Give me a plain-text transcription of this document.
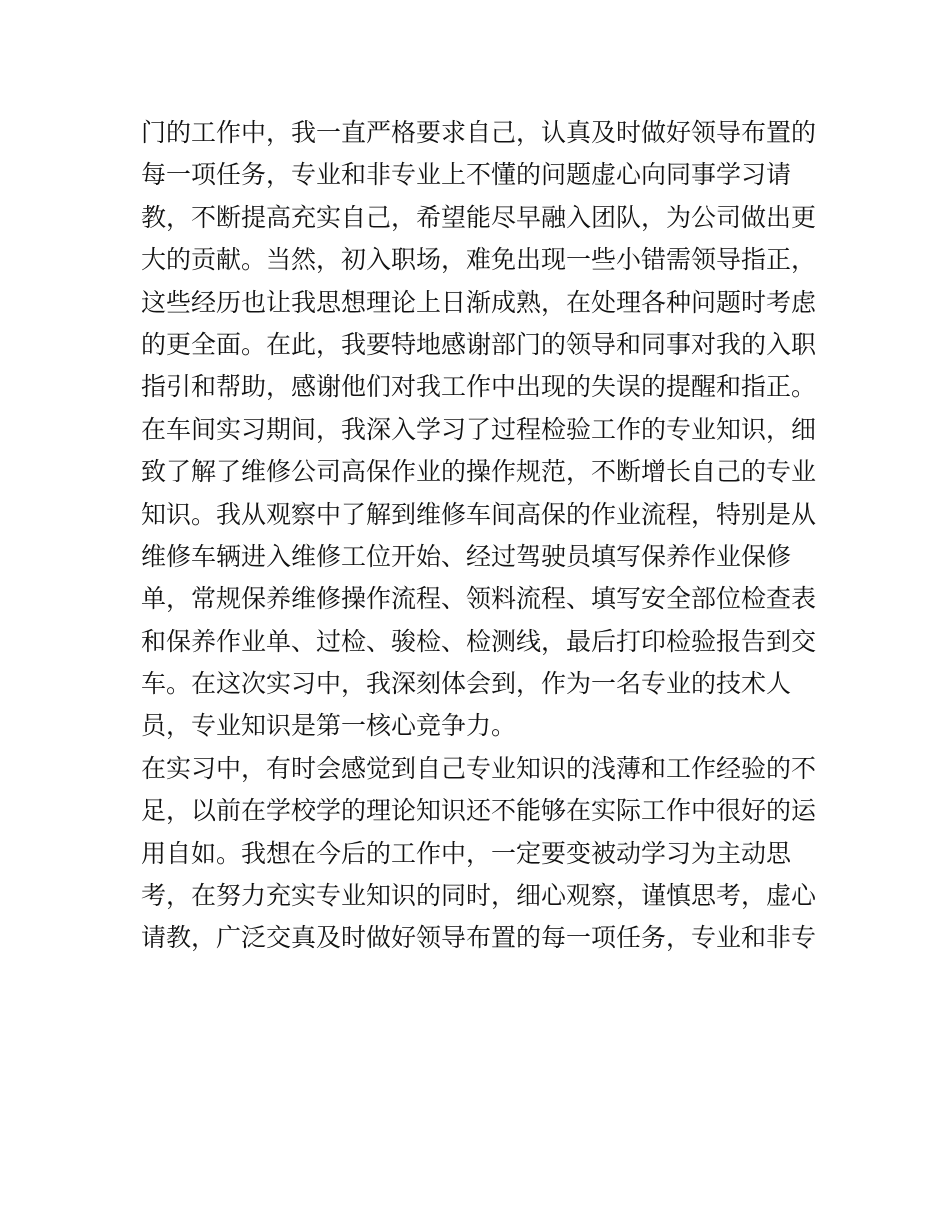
门的工作中，我一直严格要求自己，认真及时做好领导布置的
每一项任务，专业和非专业上不懂的问题虚心向同事学习请
教，不断提高充实自己，希望能尽早融入团队，为公司做出更
大的贡献。当然，初入职场，难免出现一些小错需领导指正，
这些经历也让我思想理论上日渐成熟，在处理各种问题时考虑
的更全面。在此，我要特地感谢部门的领导和同事对我的入职
指引和帮助，感谢他们对我工作中出现的失误的提醒和指正。
在车间实习期间，我深入学习了过程检验工作的专业知识，细
致了解了维修公司高保作业的操作规范，不断增长自己的专业
知识。我从观察中了解到维修车间高保的作业流程，特别是从
维修车辆进入维修工位开始、经过驾驶员填写保养作业保修
单，常规保养维修操作流程、领料流程、填写安全部位检查表
和保养作业单、过检、骏检、检测线，最后打印检验报告到交
车。在这次实习中，我深刻体会到，作为一名专业的技术人
员，专业知识是第一核心竞争力。
在实习中，有时会感觉到自己专业知识的浅薄和工作经验的不
足，以前在学校学的理论知识还不能够在实际工作中很好的运
用自如。我想在今后的工作中，一定要变被动学习为主动思
考，在努力充实专业知识的同时，细心观察，谨慎思考，虚心
请教，广泛交真及时做好领导布置的每一项任务，专业和非专
